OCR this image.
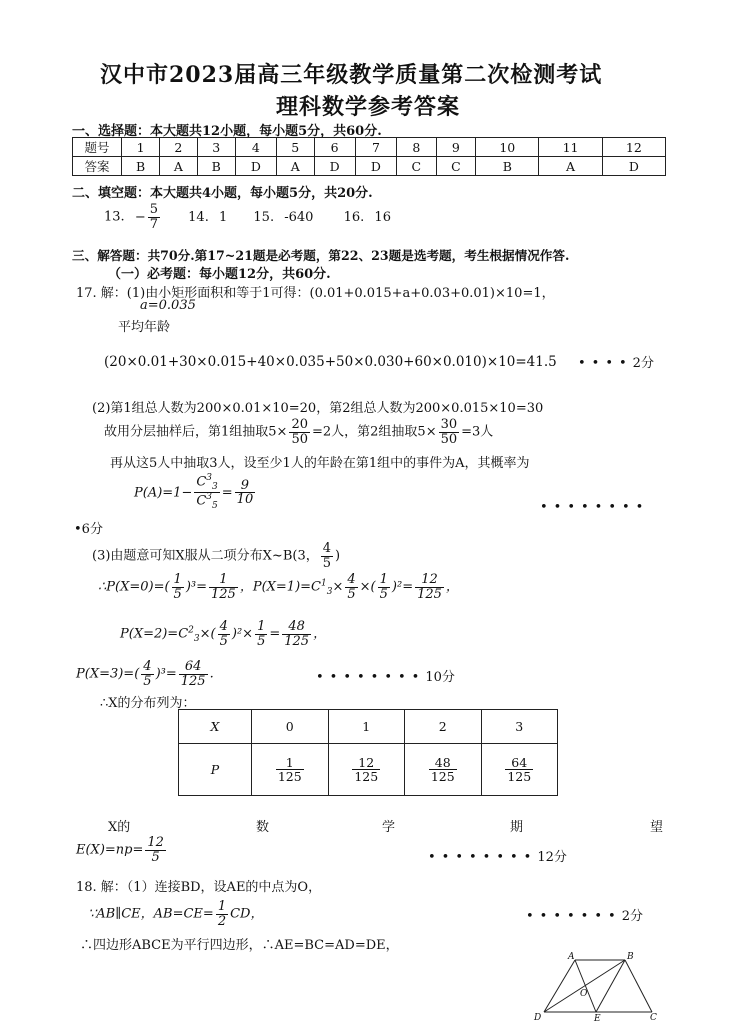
汉中市2023届高三年级教学质量第二次检测考试
理科数学参考答案
一、选择题：本大题共12小题，每小题5分，共60分.
题号	1	2	3	4	5	6	7	8	9	10	11	12
答案	B	A	B	D	A	D	D	C	C	B	A	D
二、填空题：本大题共4小题，每小题5分，共20分.
13. − $\frac{5}{7} 14$. 1 15. -640 16. 16
三、解答题：共70分.第17~21题是必考题，第22、23题是选考题，考生根据情况作答.
（一）必考题：每小题12分，共60分.
17. 解：(1)由小矩形面积和等于1可得：(0.01+0.015+a+0.03+0.01)×10=1，
a=0.035
平均年龄
(20×0.01+30×0.015+40×0.035+50×0.030+60×0.010)×10=41.5 ••••2分
(2)第1组总人数为200×0.01×10=20，第2组总人数为200×0.015×10=30
故用分层抽样后，第1组抽取$5\times \frac{20}{50} =2$人，第2组抽取$5\times \frac{30}{50} =3$人
再从这5人中抽取3人，设至少1人的年龄在第1组中的事件为A，其概率为
$P(A)=1- \frac{C^3_3}{C^3_5} = \frac{9}{10}$
••••••••
•6分
(3)由题意可知X服从二项分布X~B(3， $\frac{4}{5}$ )
∴P(X=0)=( $\frac{1}{5} )^3= \frac{1}{125}$ ，$P(X=1)=C^1_3\times \frac{4}{5}$ ×( $\frac{1}{5} )^2= \frac{12}{125}$ ，
$P(X=2)=C^2_3\times( \frac{4}{5} )^2\times \frac{1}{5} = \frac{48}{125}$ ，
$P(X=3)=( \frac{4}{5} )^3= \frac{64}{125}$ .	••••••••10分
∴X的分布列为：
X	0	1	2	3
P	$\frac{1}{125}$	$\frac{12}{125}$	$\frac{48}{125}$	$\frac{64}{125}$
X的	数	学	期	望
$E(X)=np= \frac{12}{5}$	••••••••12分
18. 解：（1）连接BD，设AE的中点为O，
∵AB∥CE，$AB=CE= \frac{1}{2}$ CD，	•••••••2分
∴四边形ABCE为平行四边形，∴AE=BC=AD=DE，
A	B
C
D	E
O
